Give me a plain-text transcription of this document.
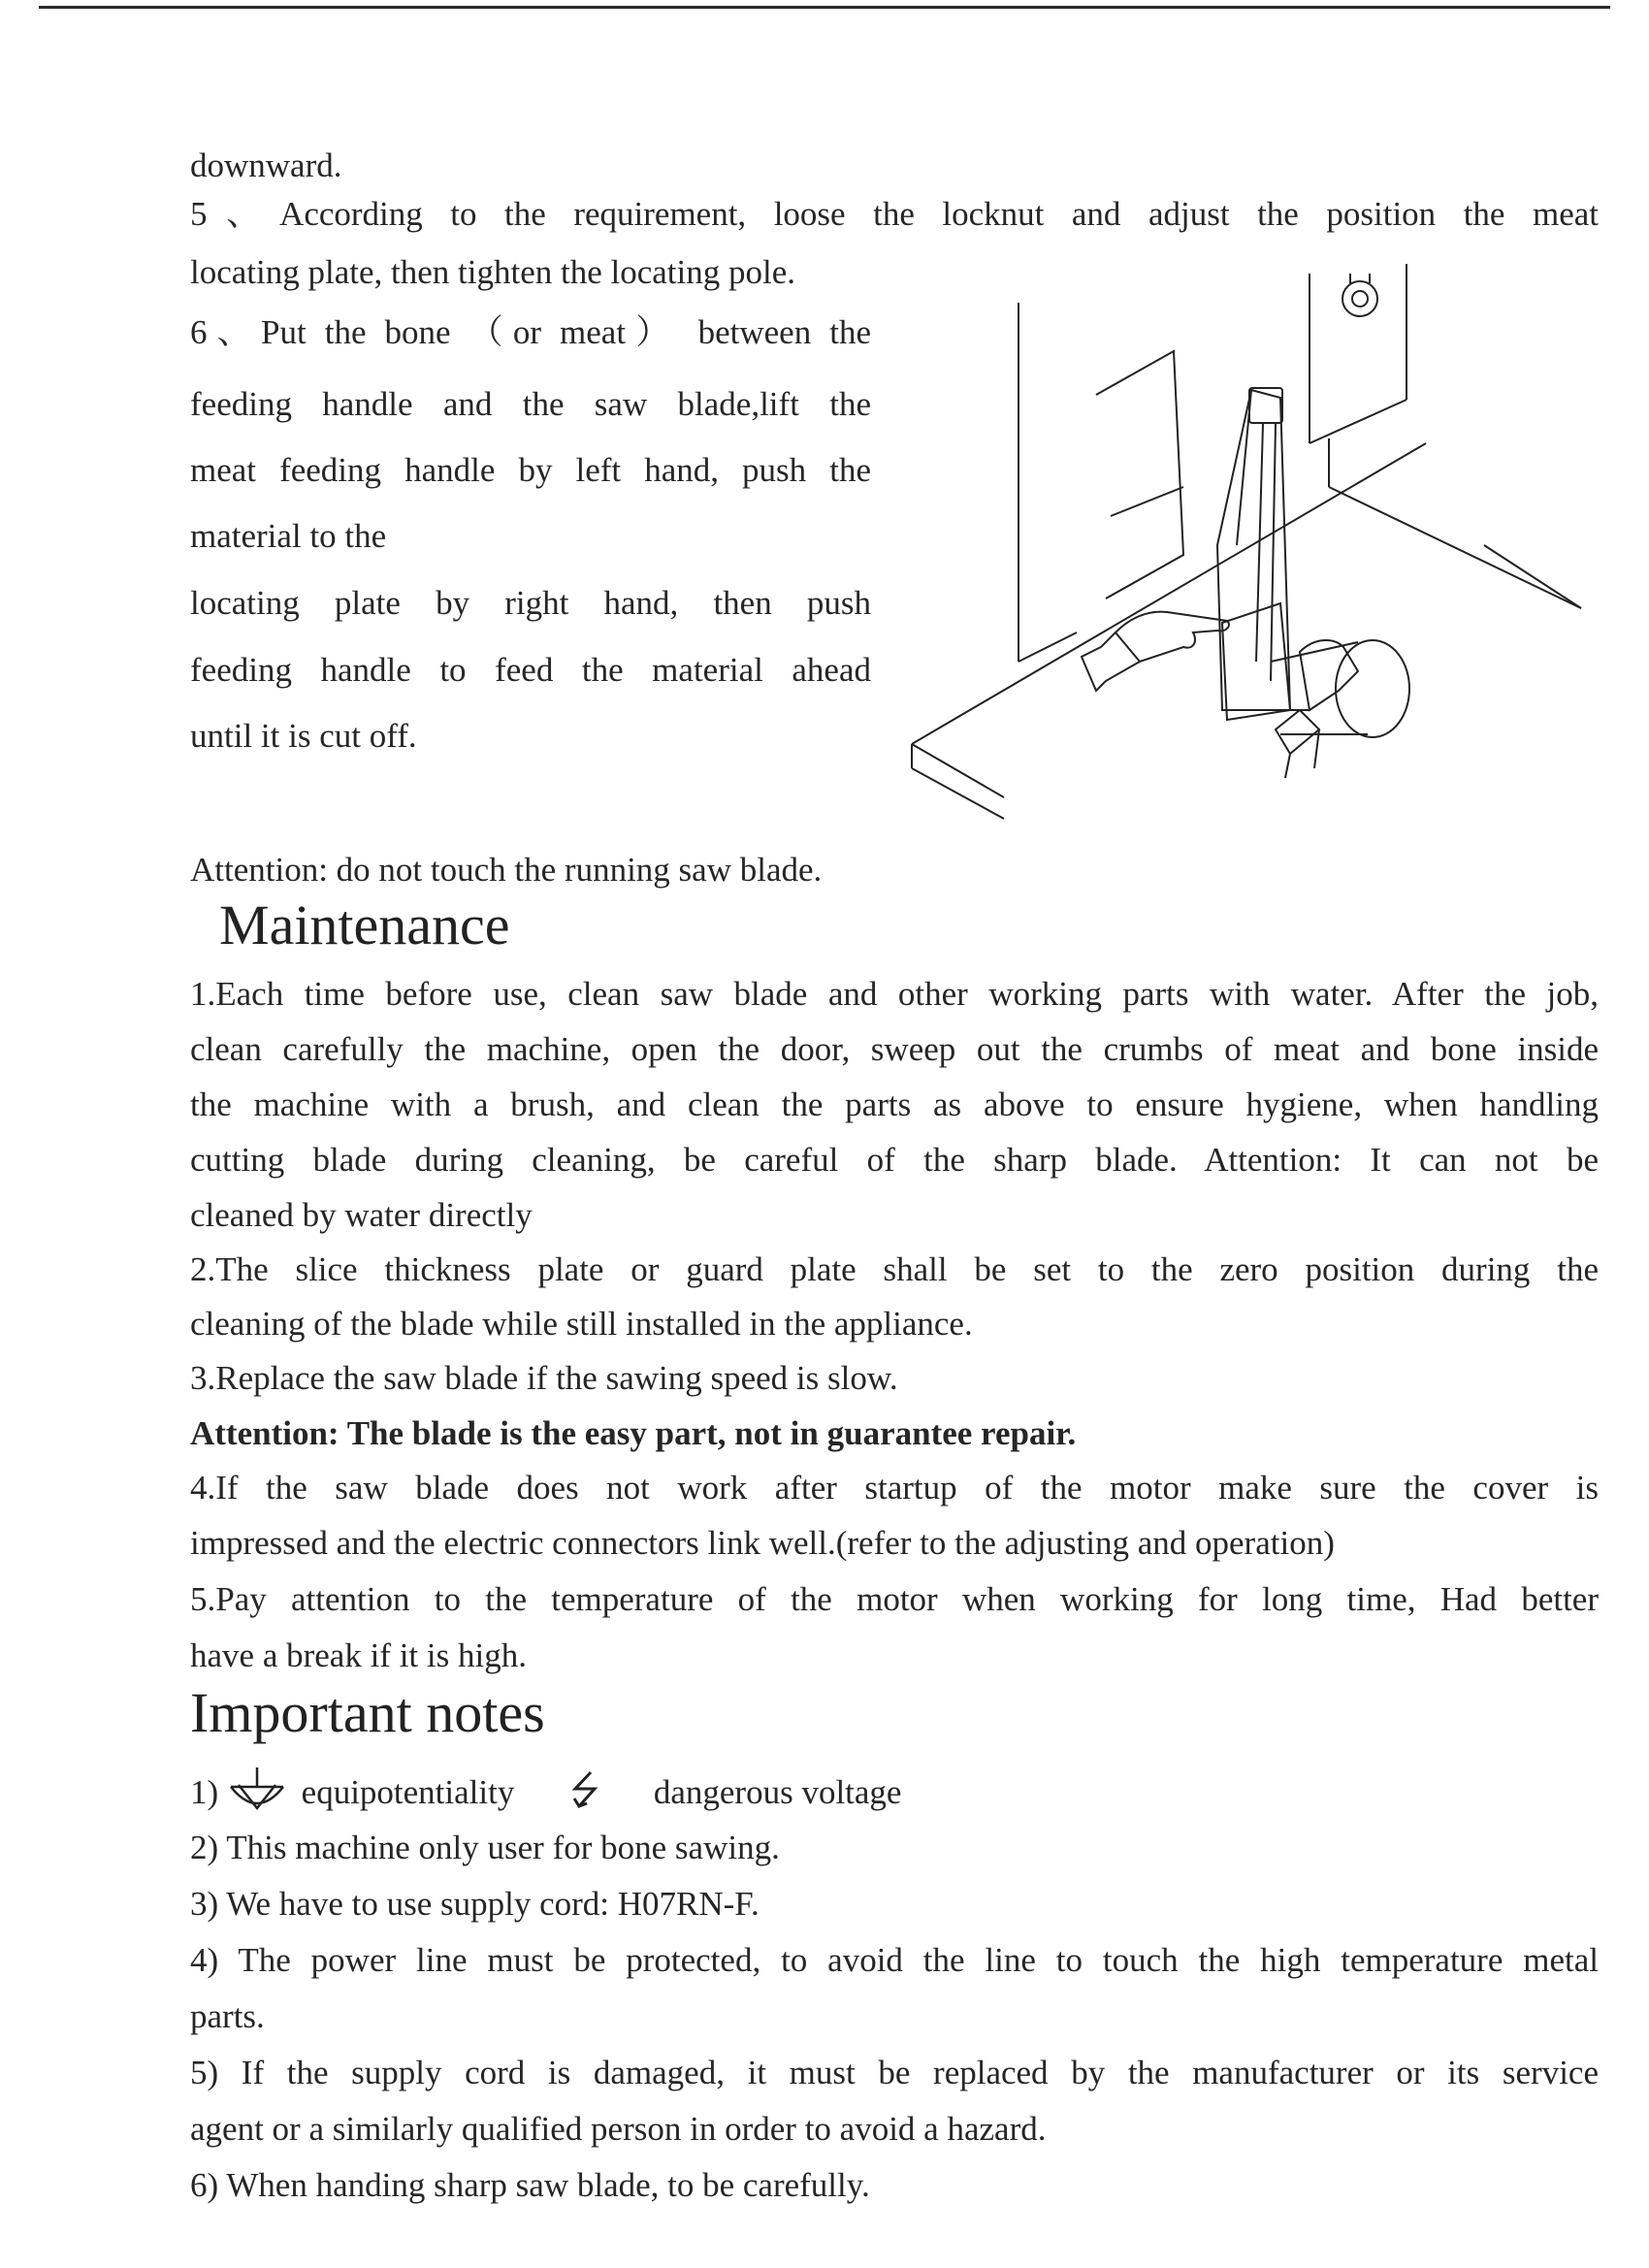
downward.

5、According to the requirement, loose the locknut and adjust the position the meat

locating plate, then tighten the locating pole.

6、Put the bone （or meat） between the

feeding handle and the saw blade,lift the

meat feeding handle by left hand, push the

material to the

locating plate by right hand, then push

feeding handle to feed the material ahead

until it is cut off.

Attention: do not touch the running saw blade.

Maintenance

1.Each time before use, clean saw blade and other working parts with water. After the job,

clean carefully the machine, open the door, sweep out the crumbs of meat and bone inside

the machine with a brush, and clean the parts as above to ensure hygiene, when handling

cutting blade during cleaning, be careful of the sharp blade. Attention: It can not be

cleaned by water directly

2.The slice thickness plate or guard plate shall be set to the zero position during the

cleaning of the blade while still installed in the appliance.

3.Replace the saw blade if the sawing speed is slow.

Attention: The blade is the easy part, not in guarantee repair.

4.If the saw blade does not work after startup of the motor make sure the cover is

impressed and the electric connectors link well.(refer to the adjusting and operation)

5.Pay attention to the temperature of the motor when working for long time, Had better

have a break if it is high.

Important notes
1) equipotentiality	dangerous voltage

2) This machine only user for bone sawing.

3) We have to use supply cord: H07RN-F.

4) The power line must be protected, to avoid the line to touch the high temperature metal

parts.

5) If the supply cord is damaged, it must be replaced by the manufacturer or its service

agent or a similarly qualified person in order to avoid a hazard.

6) When handing sharp saw blade, to be carefully.
